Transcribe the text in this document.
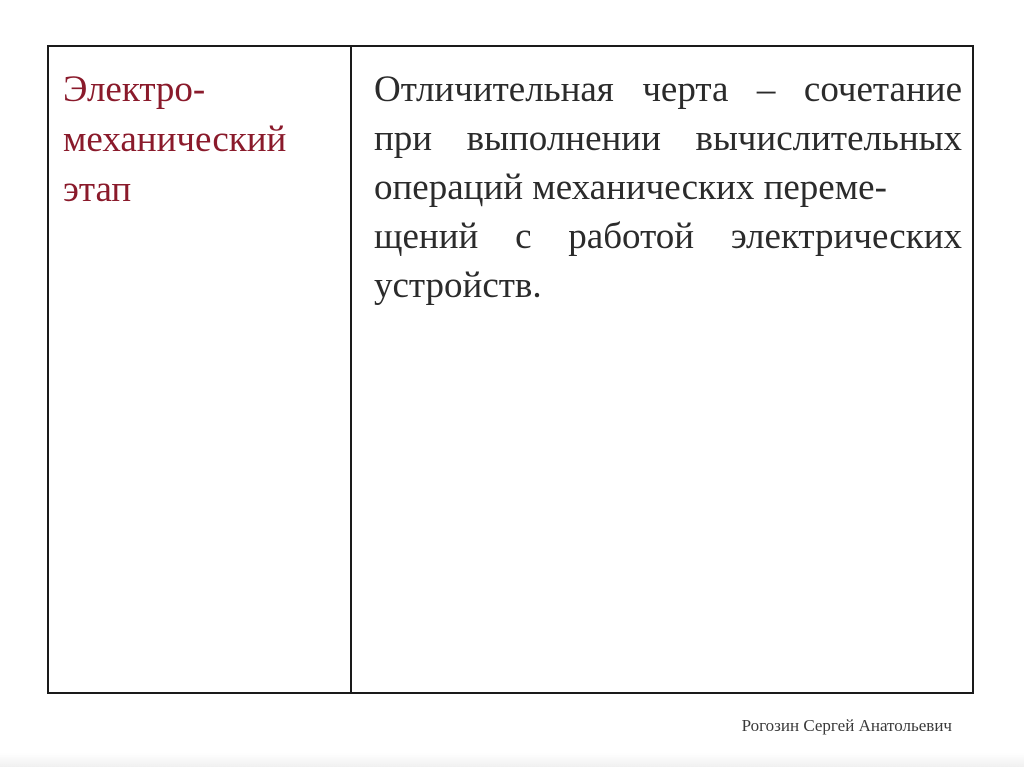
Электро-
механический
этап

Отличительная черта – сочетание при выполнении вычислительных операций механических переме-
щений с работой электрических устройств.

Рогозин Сергей Анатольевич
